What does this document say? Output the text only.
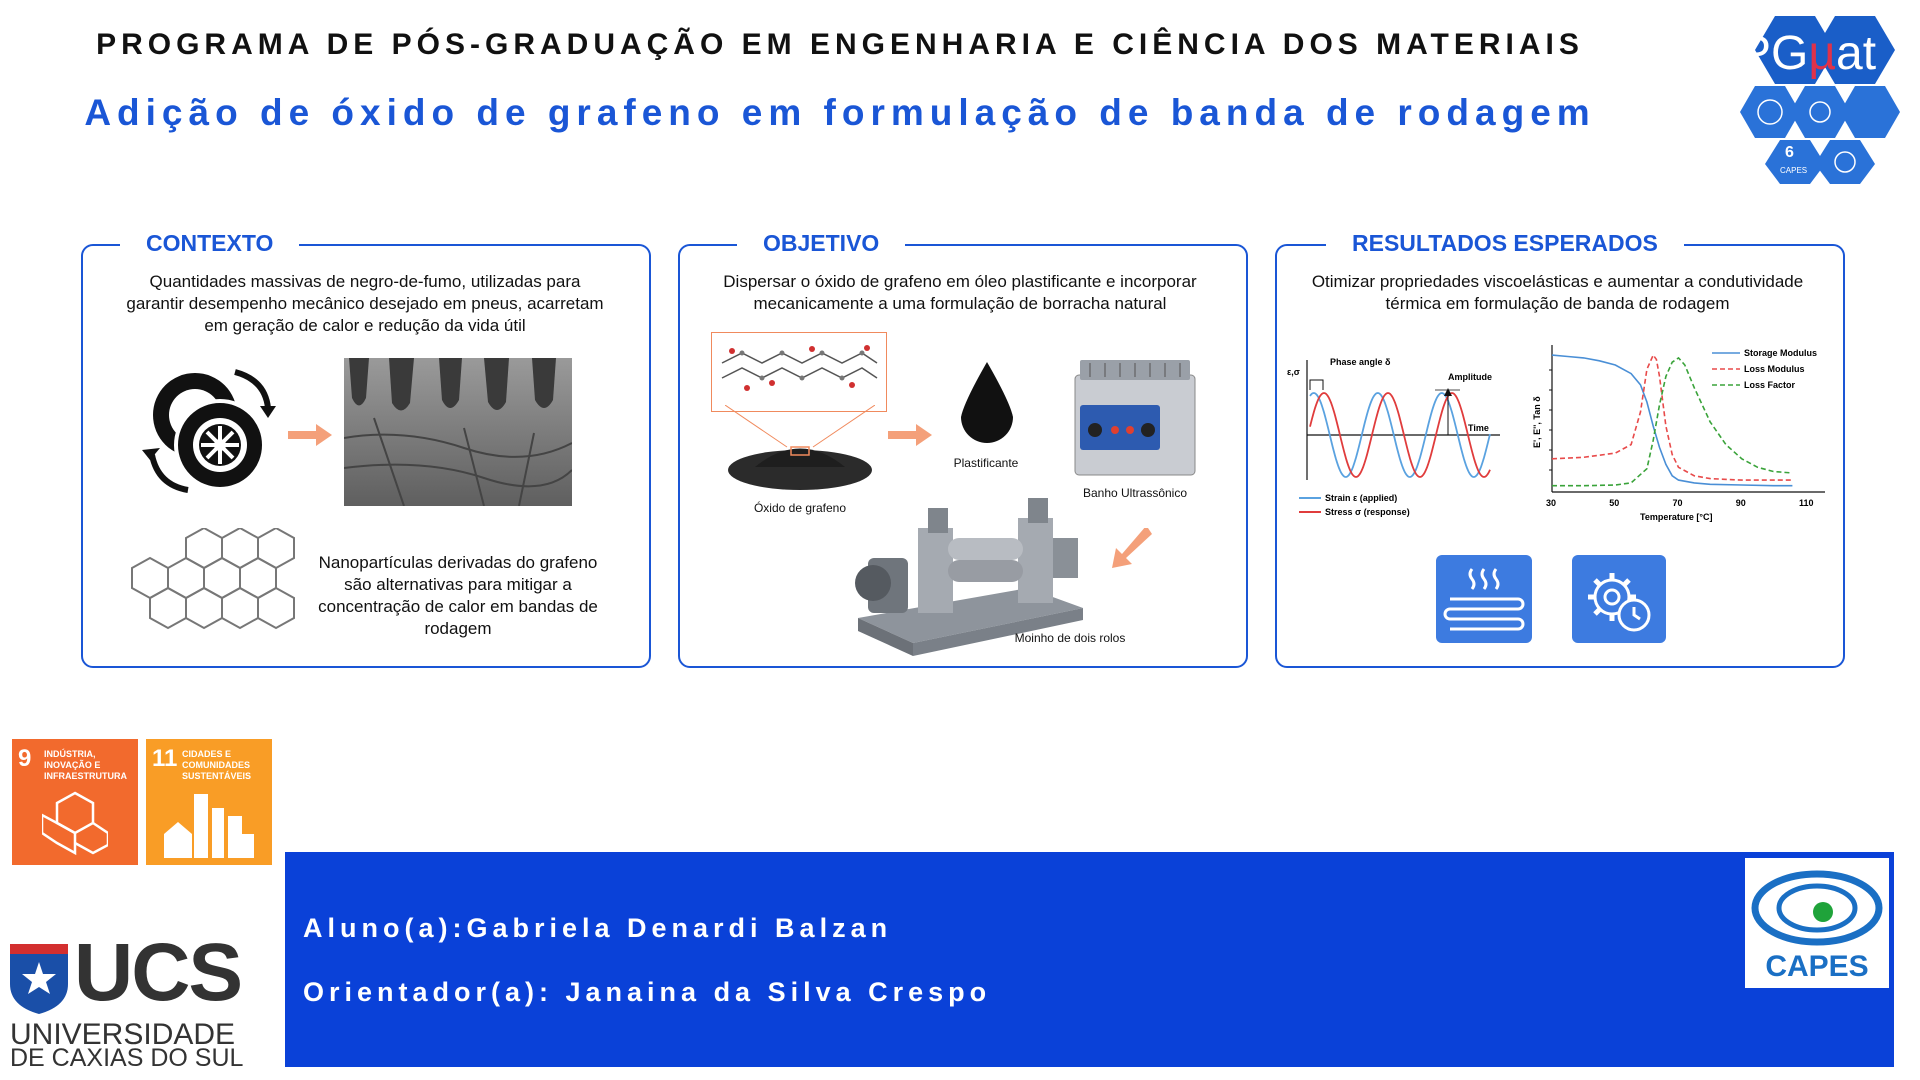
PROGRAMA DE PÓS-GRADUAÇÃO EM ENGENHARIA E CIÊNCIA DOS MATERIAIS
Adição de óxido de grafeno em formulação de banda de rodagem
PGµat
6
CAPES
CONTEXTO
Quantidades massivas de negro-de-fumo, utilizadas para garantir desempenho mecânico desejado em pneus, acarretam em geração de calor e redução da vida útil
Nanopartículas derivadas do grafeno são alternativas para mitigar a concentração de calor em bandas de rodagem
OBJETIVO
Dispersar o óxido de grafeno em óleo plastificante e incorporar mecanicamente a uma formulação de borracha natural
Óxido de grafeno
Plastificante
Banho Ultrassônico
Moinho de dois rolos
RESULTADOS ESPERADOS
Otimizar propriedades viscoelásticas e aumentar a condutividade térmica em formulação de banda de rodagem
ε,σ
Phase angle δ
Amplitude
Time
Strain ε (applied)
Stress σ (response)
30	50	70	90	110
Storage Modulus
Loss Modulus
Loss Factor
Temperature [°C]
E', E'', Tan δ
9 INDÚSTRIA, INOVAÇÃO E INFRAESTRUTURA
11 CIDADES E COMUNIDADES SUSTENTÁVEIS
UCS
UNIVERSIDADE
DE CAXIAS DO SUL
Aluno(a):Gabriela Denardi Balzan
Orientador(a): Janaina da Silva Crespo
CAPES
